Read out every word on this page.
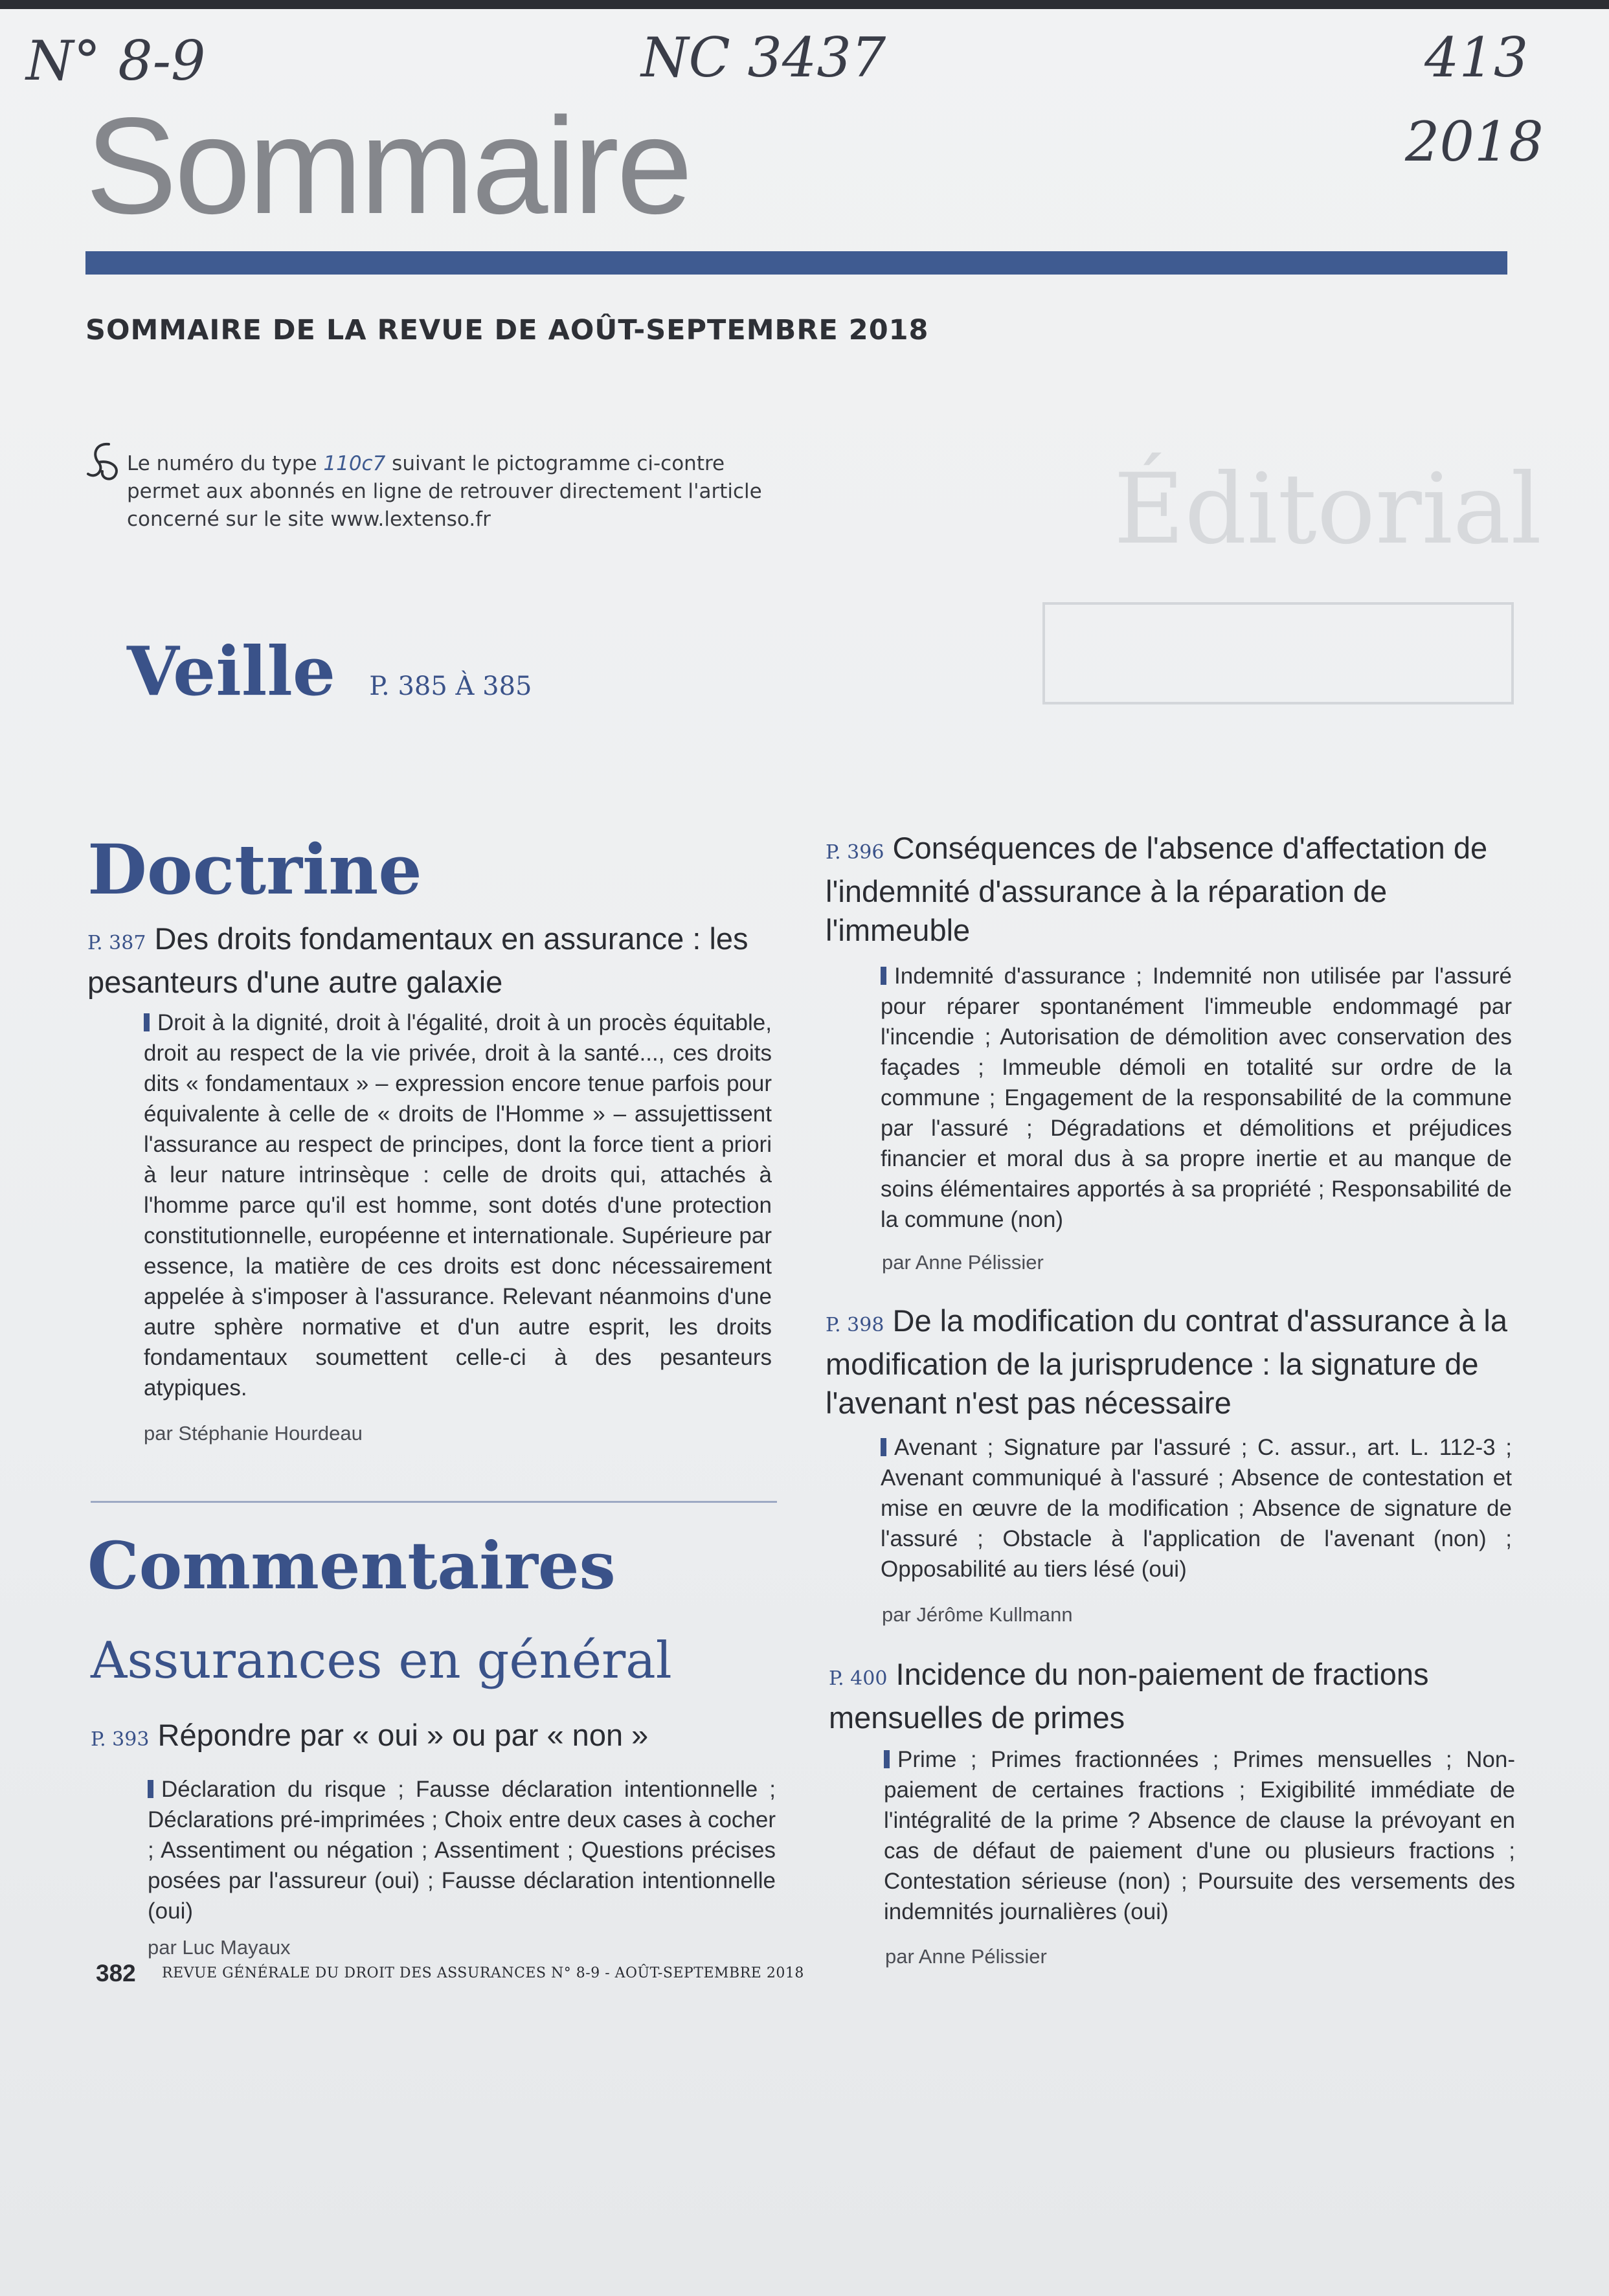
Éditorial
N° 8-9	NC 3437	413
2018
Sommaire
SOMMAIRE DE LA REVUE DE AOÛT-SEPTEMBRE 2018
Le numéro du type 110c7 suivant le pictogramme ci-contre permet aux abonnés en ligne de retrouver directement l'article concerné sur le site www.lextenso.fr
Veille P. 385 À 385
Doctrine
P. 387 Des droits fondamentaux en assurance : les pesanteurs d'une autre galaxie
Droit à la dignité, droit à l'égalité, droit à un procès équitable, droit au respect de la vie privée, droit à la santé..., ces droits dits « fondamentaux » – expression encore tenue parfois pour équivalente à celle de « droits de l'Homme » – assujettissent l'assurance au respect de principes, dont la force tient a priori à leur nature intrinsèque : celle de droits qui, attachés à l'homme parce qu'il est homme, sont dotés d'une protection constitutionnelle, européenne et internationale. Supérieure par essence, la matière de ces droits est donc nécessairement appelée à s'imposer à l'assurance. Relevant néanmoins d'une autre sphère normative et d'un autre esprit, les droits fondamentaux soumettent celle-ci à des pesanteurs atypiques.
par Stéphanie Hourdeau
Commentaires
Assurances en général
P. 393 Répondre par « oui » ou par « non »
Déclaration du risque ; Fausse déclaration intentionnelle ; Déclarations pré-imprimées ; Choix entre deux cases à cocher ; Assentiment ou négation ; Assentiment ; Questions précises posées par l'assureur (oui) ; Fausse déclaration intentionnelle (oui)
par Luc Mayaux
P. 396 Conséquences de l'absence d'affectation de l'indemnité d'assurance à la réparation de l'immeuble
Indemnité d'assurance ; Indemnité non utilisée par l'assuré pour réparer spontanément l'immeuble endommagé par l'incendie ; Autorisation de démolition avec conservation des façades ; Immeuble démoli en totalité sur ordre de la commune ; Engagement de la responsabilité de la commune par l'assuré ; Dégradations et démolitions et préjudices financier et moral dus à sa propre inertie et au manque de soins élémentaires apportés à sa propriété ; Responsabilité de la commune (non)
par Anne Pélissier
P. 398 De la modification du contrat d'assurance à la modification de la jurisprudence : la signature de l'avenant n'est pas nécessaire
Avenant ; Signature par l'assuré ; C. assur., art. L. 112-3 ; Avenant communiqué à l'assuré ; Absence de contestation et mise en œuvre de la modification ; Absence de signature de l'assuré ; Obstacle à l'application de l'avenant (non) ; Opposabilité au tiers lésé (oui)
par Jérôme Kullmann
P. 400 Incidence du non-paiement de fractions mensuelles de primes
Prime ; Primes fractionnées ; Primes mensuelles ; Non-paiement de certaines fractions ; Exigibilité immédiate de l'intégralité de la prime ? Absence de clause la prévoyant en cas de défaut de paiement d'une ou plusieurs fractions ; Contestation sérieuse (non) ; Poursuite des versements des indemnités journalières (oui)
par Anne Pélissier
382 REVUE GÉNÉRALE DU DROIT DES ASSURANCES N° 8-9 - AOÛT-SEPTEMBRE 2018
